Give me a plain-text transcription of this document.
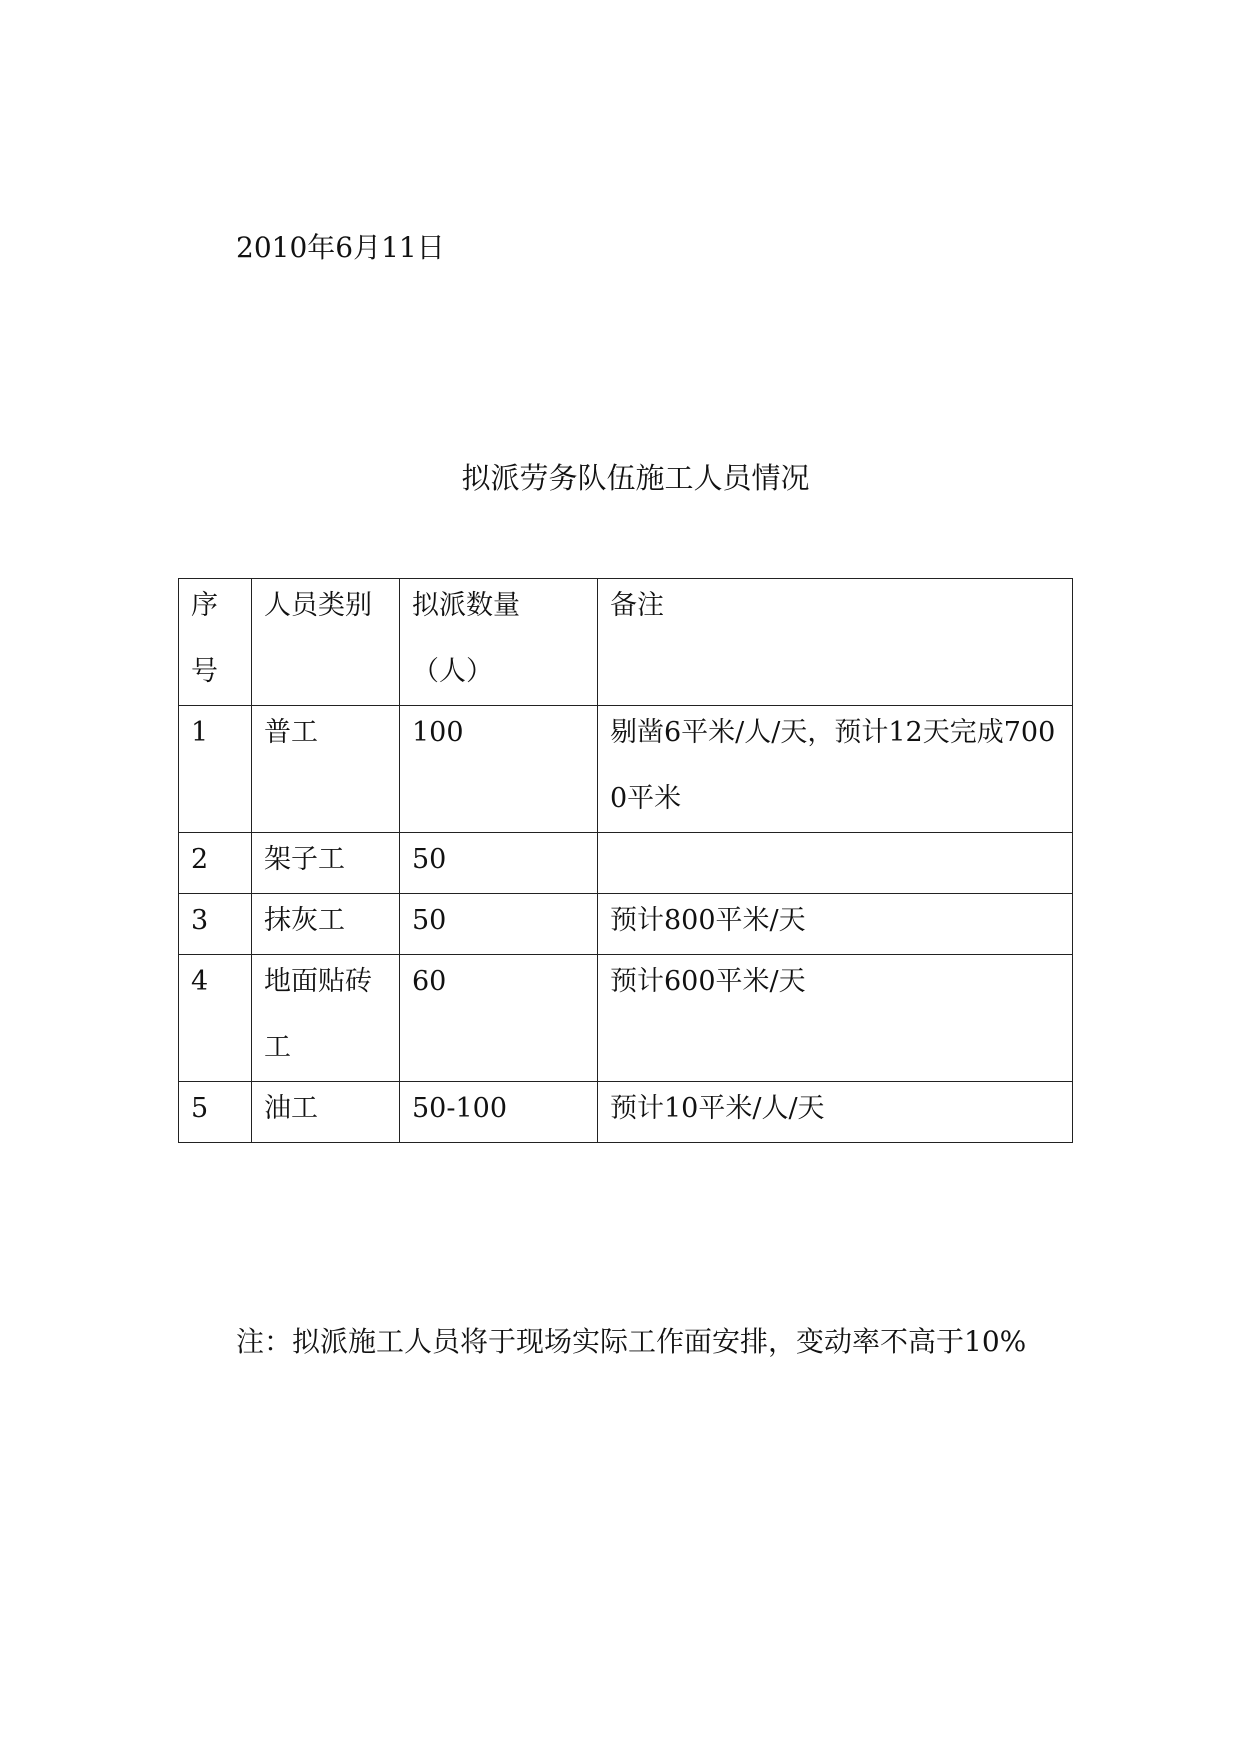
2010年6月11日
拟派劳务队伍施工人员情况
序号	人员类别	拟派数量（人）	备注

1	普工	100	剔凿6平米/人/天，预计12天完成7000平米

2	架子工	50	

3	抹灰工	50	预计800平米/天

4	地面贴砖工	60	预计600平米/天

5	油工	50-100	预计10平米/人/天
注：拟派施工人员将于现场实际工作面安排，变动率不高于10%
